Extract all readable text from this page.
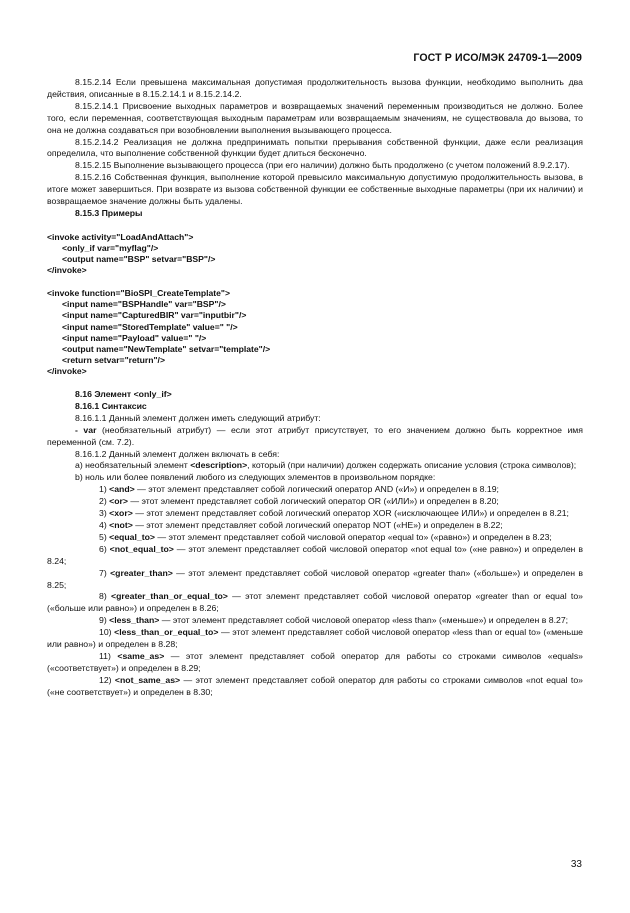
ГОСТ Р ИСО/МЭК 24709-1—2009

8.15.2.14 Если превышена максимальная допустимая продолжительность вызова функции, необходимо выполнить два действия, описанные в 8.15.2.14.1 и 8.15.2.14.2.

8.15.2.14.1 Присвоение выходных параметров и возвращаемых значений переменным производиться не должно. Более того, если переменная, соответствующая выходным параметрам или возвращаемым значениям, не существовала до вызова, то она не должна создаваться при возобновлении выполнения вызывающего процесса.

8.15.2.14.2 Реализация не должна предпринимать попытки прерывания собственной функции, даже если реализация определила, что выполнение собственной функции будет длиться бесконечно.

8.15.2.15 Выполнение вызывающего процесса (при его наличии) должно быть продолжено (с учетом положений 8.9.2.17).

8.15.2.16 Собственная функция, выполнение которой превысило максимальную допустимую продолжительность вызова, в итоге может завершиться. При возврате из вызова собственной функции ее собственные выходные параметры (при их наличии) и возвращаемое значение должны быть удалены.

8.15.3 Примеры

<invoke activity="LoadAndAttach">

<only_if var="myflag"/>

<output name="BSP" setvar="BSP"/>

</invoke>

<invoke function="BioSPI_CreateTemplate">

<input name="BSPHandle" var="BSP"/>

<input name="CapturedBIR" var="inputbir"/>

<input name="StoredTemplate" value=" "/>

<input name="Payload" value=" "/>

<output name="NewTemplate" setvar="template"/>

<return setvar="return"/>

</invoke>

8.16 Элемент <only_if>

8.16.1 Синтаксис

8.16.1.1 Данный элемент должен иметь следующий атрибут:

- var (необязательный атрибут) — если этот атрибут присутствует, то его значением должно быть корректное имя переменной (см. 7.2).

8.16.1.2 Данный элемент должен включать в себя:

а) необязательный элемент <description>, который (при наличии) должен содержать описание условия (строка символов);

b) ноль или более появлений любого из следующих элементов в произвольном порядке:

1) <and> — этот элемент представляет собой логический оператор AND («И») и определен в 8.19;

2) <or> — этот элемент представляет собой логический оператор OR («ИЛИ») и определен в 8.20;

3) <xor> — этот элемент представляет собой логический оператор XOR («исключающее ИЛИ») и определен в 8.21;

4) <not> — этот элемент представляет собой логический оператор NOT («НЕ») и определен в 8.22;

5) <equal_to> — этот элемент представляет собой числовой оператор «equal to» («равно») и определен в 8.23;

6) <not_equal_to> — этот элемент представляет собой числовой оператор «not equal to» («не равно») и определен в 8.24;

7) <greater_than> — этот элемент представляет собой числовой оператор «greater than» («больше») и определен в 8.25;

8) <greater_than_or_equal_to> — этот элемент представляет собой числовой оператор «greater than or equal to» («больше или равно») и определен в 8.26;

9) <less_than> — этот элемент представляет собой числовой оператор «less than» («меньше») и определен в 8.27;

10) <less_than_or_equal_to> — этот элемент представляет собой числовой оператор «less than or equal to» («меньше или равно») и определен в 8.28;

11) <same_as> — этот элемент представляет собой оператор для работы со строками символов «equals» («соответствует») и определен в 8.29;

12) <not_same_as> — этот элемент представляет собой оператор для работы со строками символов «not equal to» («не соответствует») и определен в 8.30;

33
